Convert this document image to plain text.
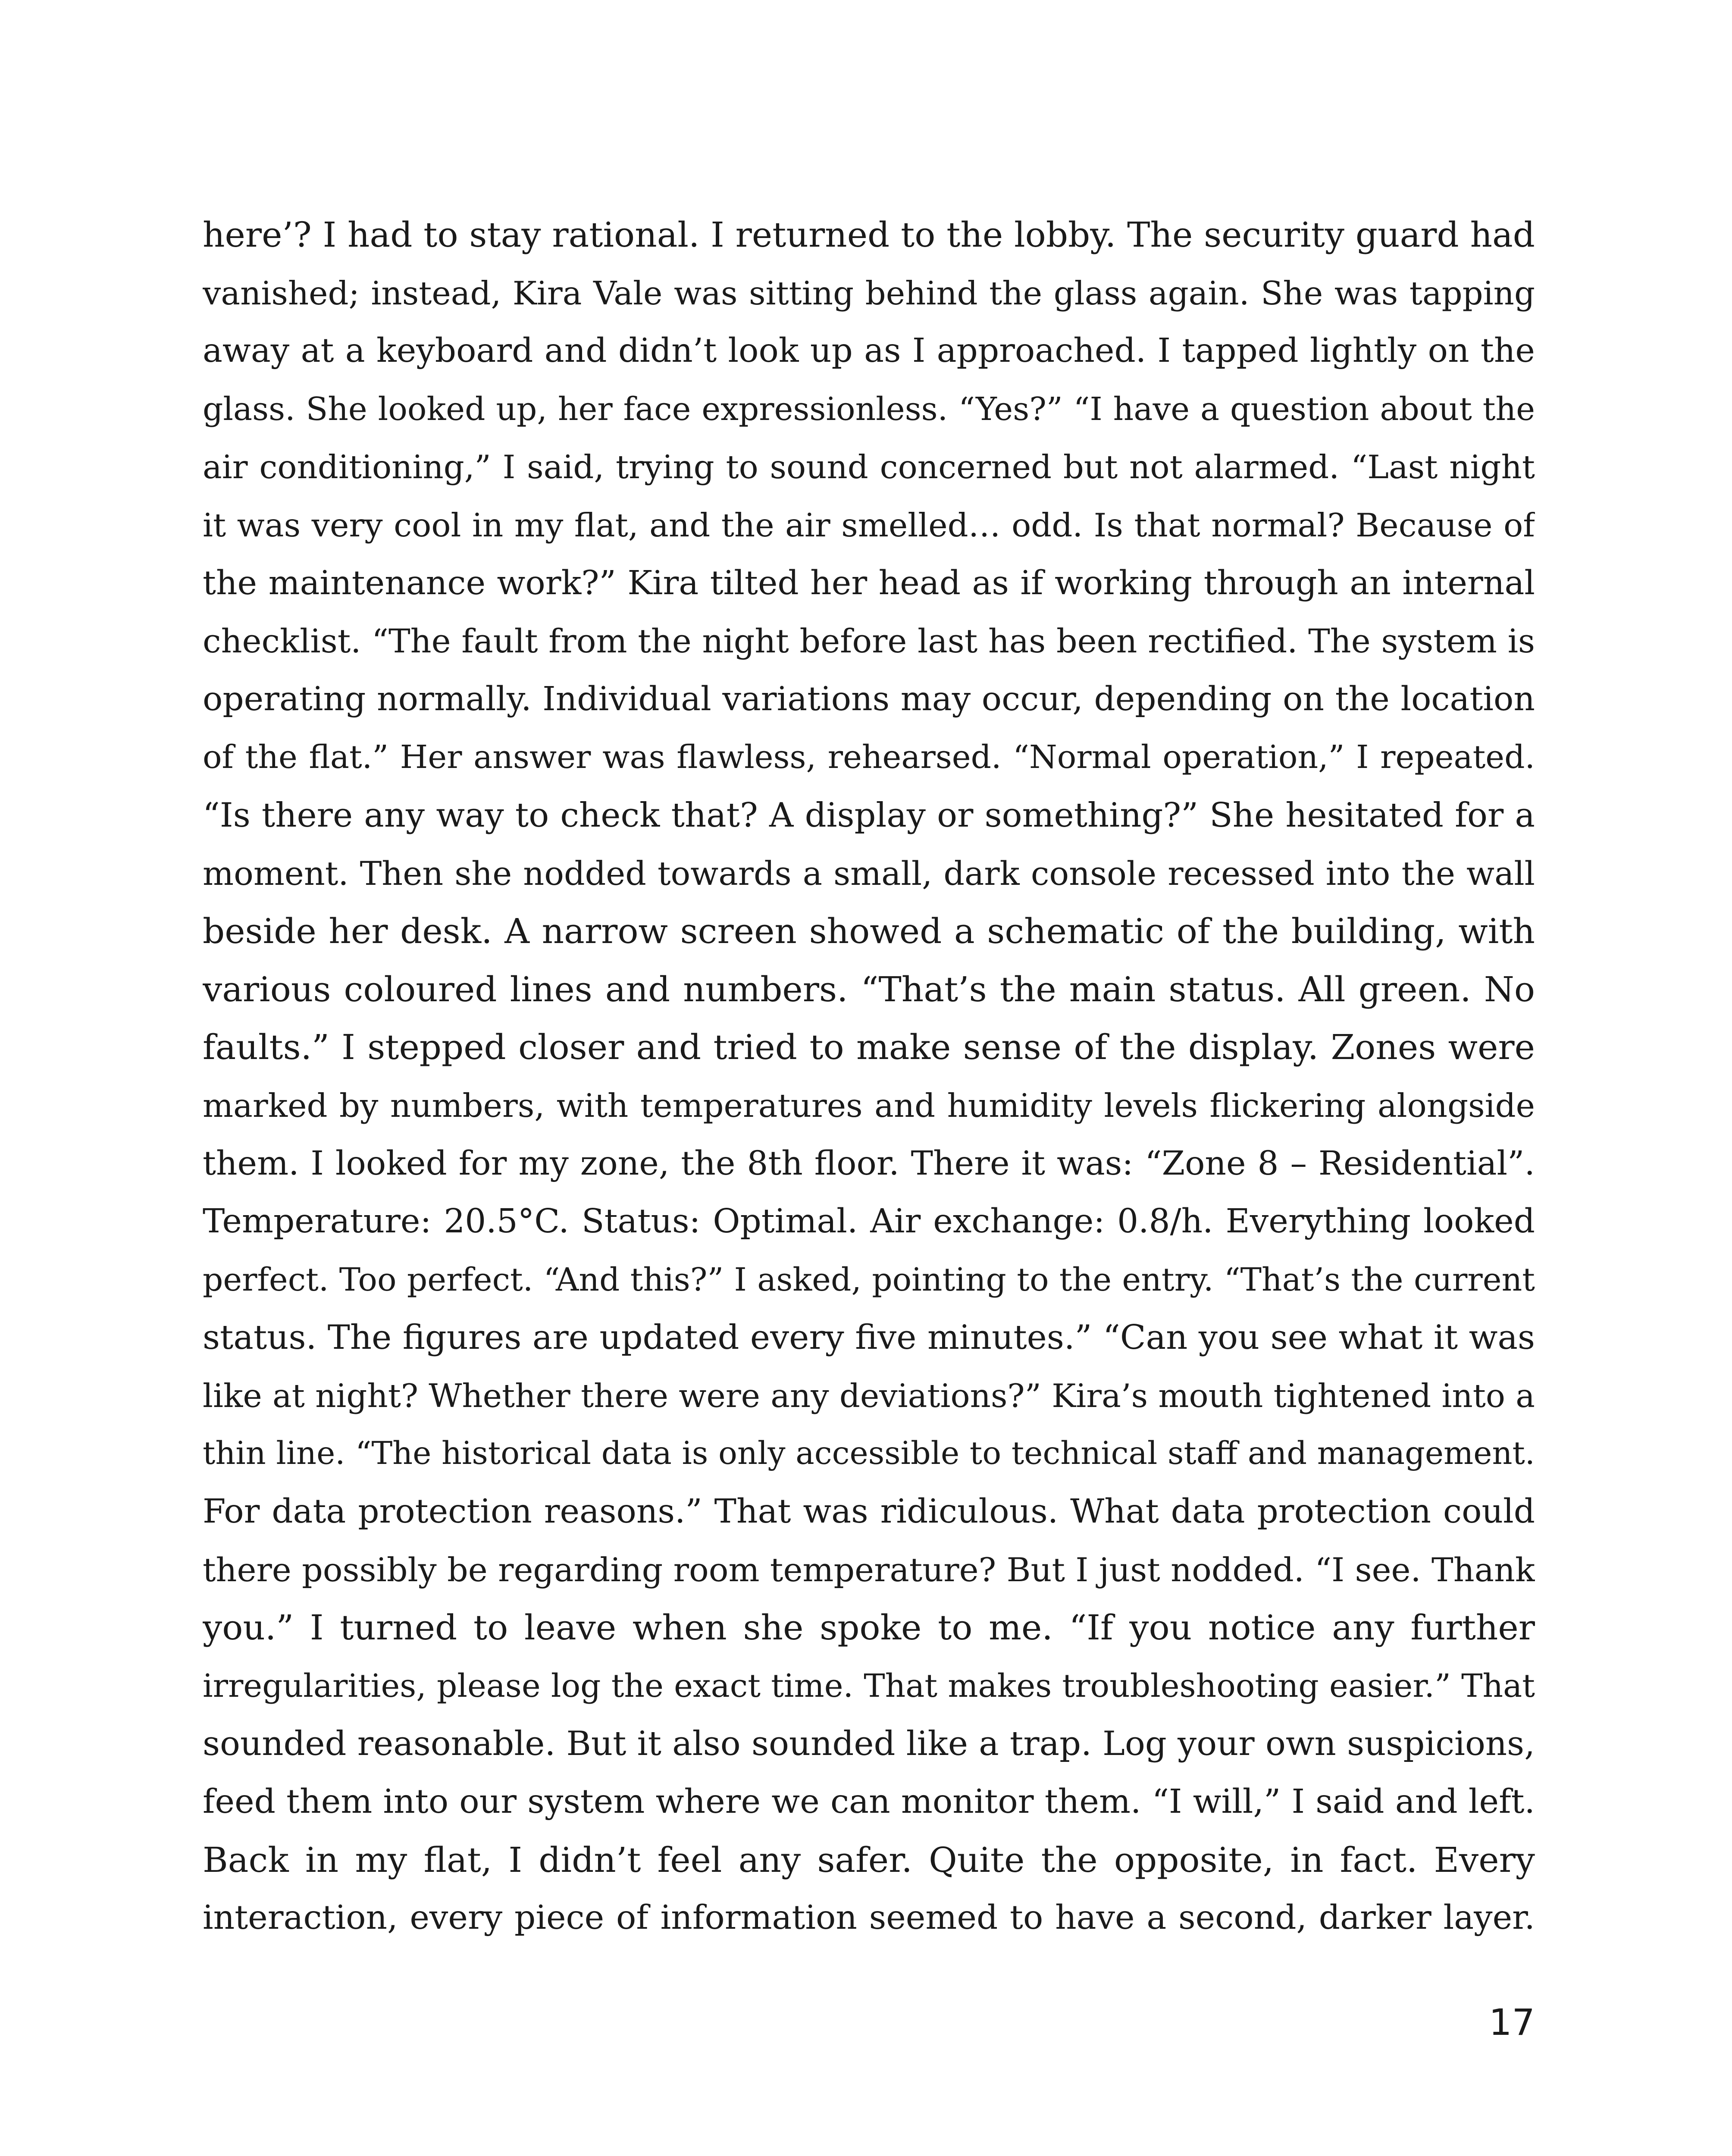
here’? I had to stay rational. I returned to the lobby. The security guard had
vanished; instead, Kira Vale was sitting behind the glass again. She was tapping
away at a keyboard and didn’t look up as I approached. I tapped lightly on the
glass. She looked up, her face expressionless. “Yes?” “I have a question about the
air conditioning,” I said, trying to sound concerned but not alarmed. “Last night
it was very cool in my flat, and the air smelled… odd. Is that normal? Because of
the maintenance work?” Kira tilted her head as if working through an internal
checklist. “The fault from the night before last has been rectified. The system is
operating normally. Individual variations may occur, depending on the location
of the flat.” Her answer was flawless, rehearsed. “Normal operation,” I repeated.
“Is there any way to check that? A display or something?” She hesitated for a
moment. Then she nodded towards a small, dark console recessed into the wall
beside her desk. A narrow screen showed a schematic of the building, with
various coloured lines and numbers. “That’s the main status. All green. No
faults.” I stepped closer and tried to make sense of the display. Zones were
marked by numbers, with temperatures and humidity levels flickering alongside
them. I looked for my zone, the 8th floor. There it was: “Zone 8 – Residential”.
Temperature: 20.5°C. Status: Optimal. Air exchange: 0.8/h. Everything looked
perfect. Too perfect. “And this?” I asked, pointing to the entry. “That’s the current
status. The figures are updated every five minutes.” “Can you see what it was
like at night? Whether there were any deviations?” Kira’s mouth tightened into a
thin line. “The historical data is only accessible to technical staff and management.
For data protection reasons.” That was ridiculous. What data protection could
there possibly be regarding room temperature? But I just nodded. “I see. Thank
you.” I turned to leave when she spoke to me. “If you notice any further
irregularities, please log the exact time. That makes troubleshooting easier.” That
sounded reasonable. But it also sounded like a trap. Log your own suspicions,
feed them into our system where we can monitor them. “I will,” I said and left.
Back in my flat, I didn’t feel any safer. Quite the opposite, in fact. Every
interaction, every piece of information seemed to have a second, darker layer.
17
